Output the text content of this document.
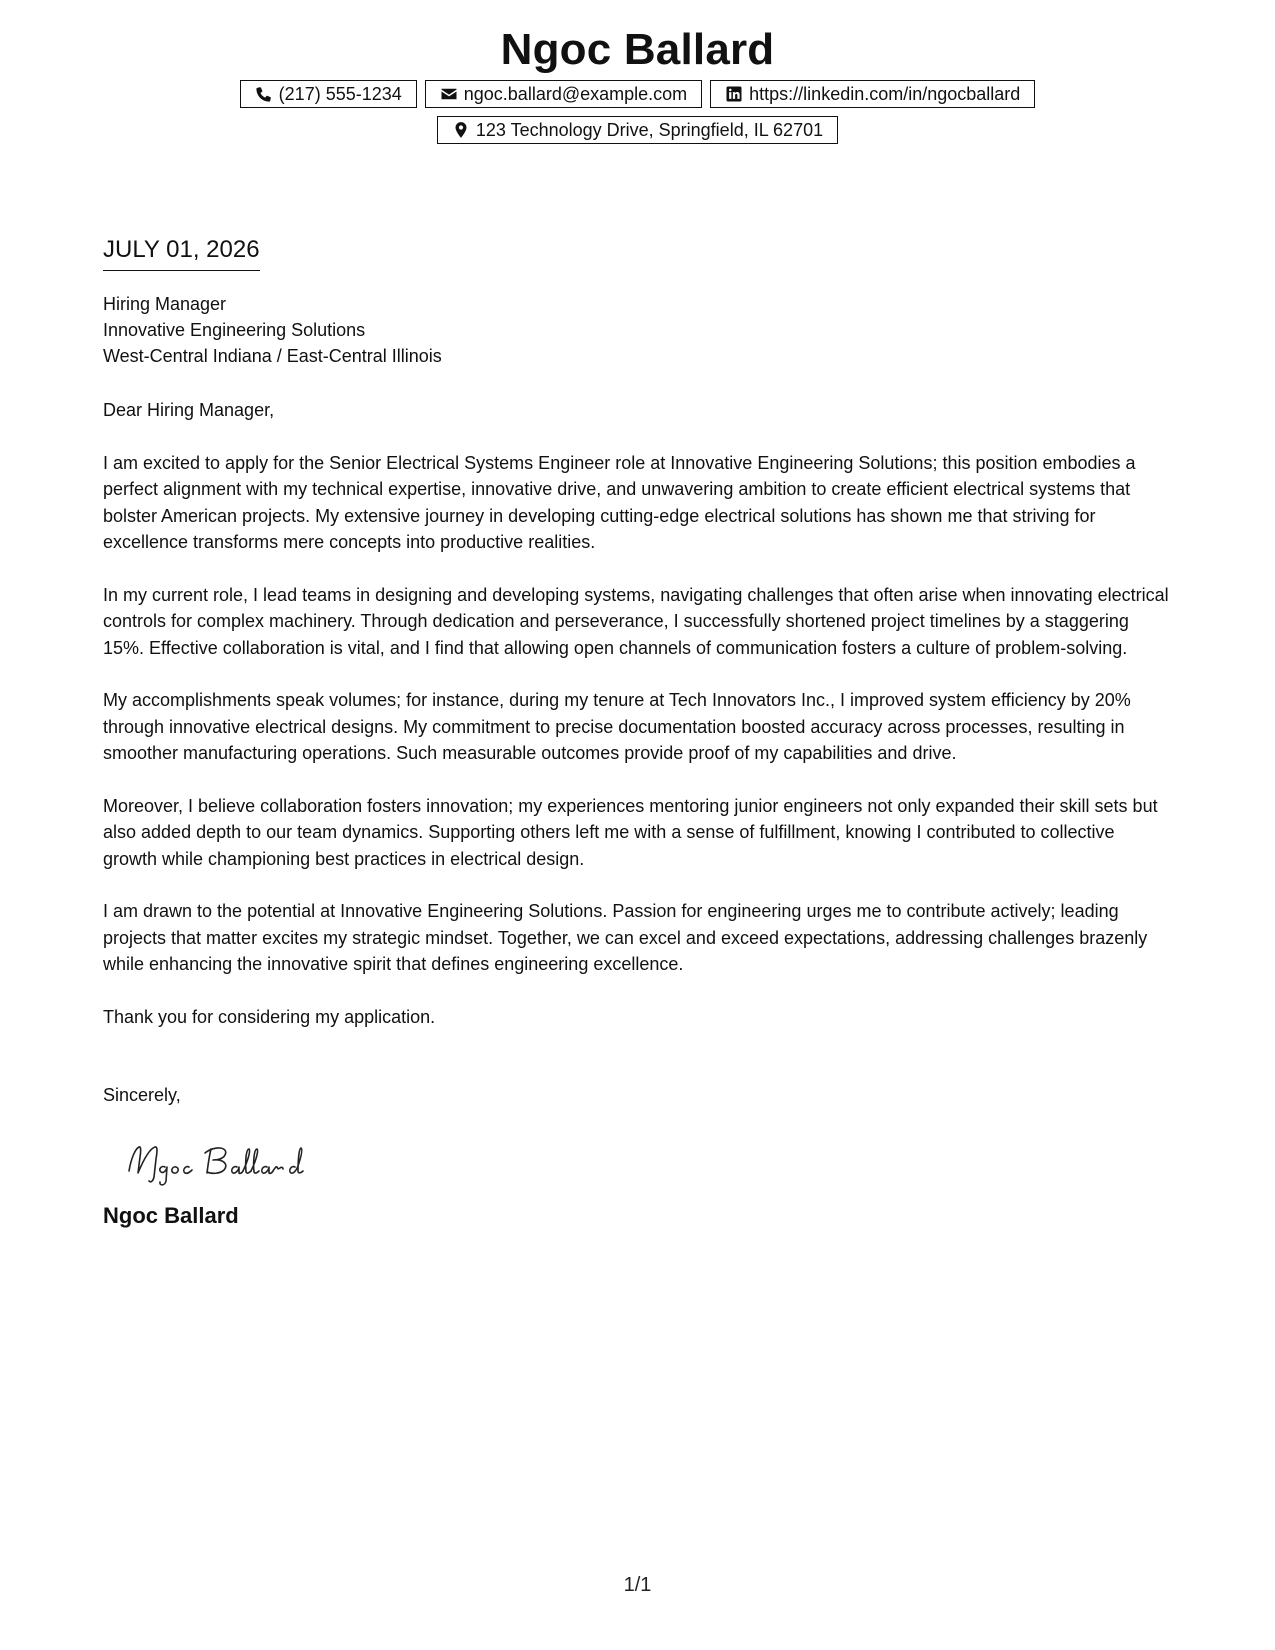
Ngoc Ballard
(217) 555-1234	ngoc.ballard@example.com	https://linkedin.com/in/ngocballard
123 Technology Drive, Springfield, IL 62701
JULY 01, 2026
Hiring Manager
Innovative Engineering Solutions
West-Central Indiana / East-Central Illinois
Dear Hiring Manager,

I am excited to apply for the Senior Electrical Systems Engineer role at Innovative Engineering Solutions; this position embodies a perfect alignment with my technical expertise, innovative drive, and unwavering ambition to create efficient electrical systems that bolster American projects. My extensive journey in developing cutting-edge electrical solutions has shown me that striving for excellence transforms mere concepts into productive realities.

In my current role, I lead teams in designing and developing systems, navigating challenges that often arise when innovating electrical controls for complex machinery. Through dedication and perseverance, I successfully shortened project timelines by a staggering 15%. Effective collaboration is vital, and I find that allowing open channels of communication fosters a culture of problem-solving.

My accomplishments speak volumes; for instance, during my tenure at Tech Innovators Inc., I improved system efficiency by 20% through innovative electrical designs. My commitment to precise documentation boosted accuracy across processes, resulting in smoother manufacturing operations. Such measurable outcomes provide proof of my capabilities and drive.

Moreover, I believe collaboration fosters innovation; my experiences mentoring junior engineers not only expanded their skill sets but also added depth to our team dynamics. Supporting others left me with a sense of fulfillment, knowing I contributed to collective growth while championing best practices in electrical design.

I am drawn to the potential at Innovative Engineering Solutions. Passion for engineering urges me to contribute actively; leading projects that matter excites my strategic mindset. Together, we can excel and exceed expectations, addressing challenges brazenly while enhancing the innovative spirit that defines engineering excellence.

Thank you for considering my application.

Sincerely,
Ngoc Ballard
1/1
